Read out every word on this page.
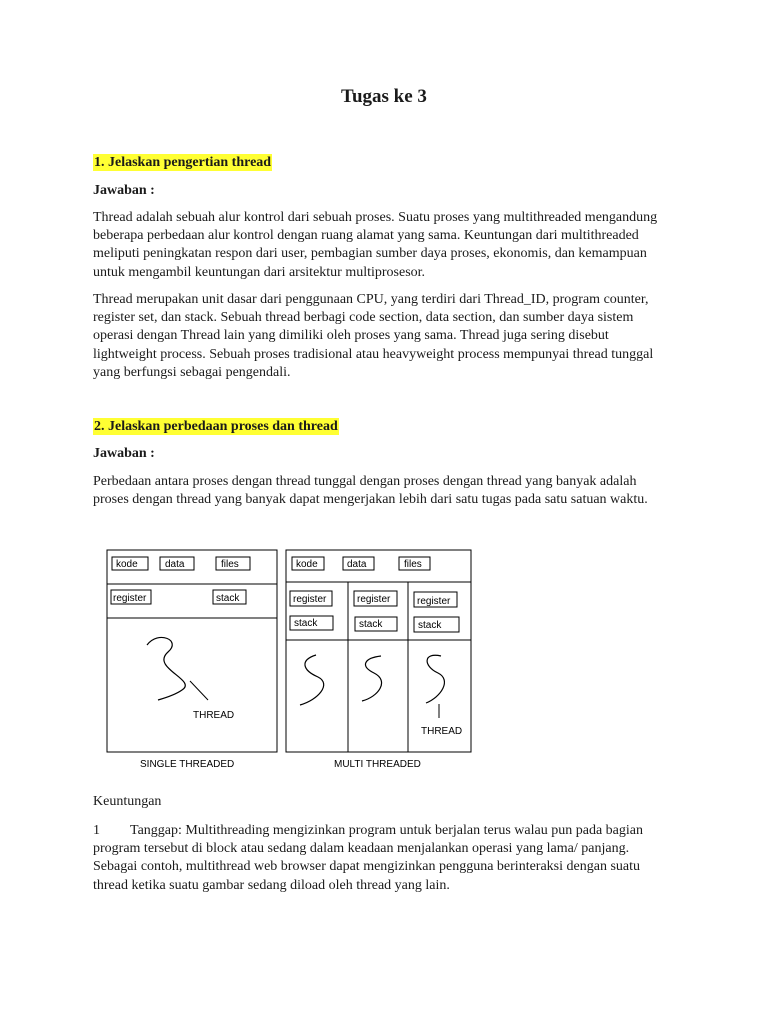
Tugas ke 3
1. Jelaskan pengertian thread
Jawaban :
Thread adalah sebuah alur kontrol dari sebuah proses. Suatu proses yang multithreaded mengandung beberapa perbedaan alur kontrol dengan ruang alamat yang sama. Keuntungan dari multithreaded meliputi peningkatan respon dari user, pembagian sumber daya proses, ekonomis, dan kemampuan untuk mengambil keuntungan dari arsitektur multiprosesor.
Thread merupakan unit dasar dari penggunaan CPU, yang terdiri dari Thread_ID, program counter, register set, dan stack. Sebuah thread berbagi code section, data section, dan sumber daya sistem operasi dengan Thread lain yang dimiliki oleh proses yang sama. Thread juga sering disebut lightweight process. Sebuah proses tradisional atau heavyweight process mempunyai thread tunggal yang berfungsi sebagai pengendali.
2. Jelaskan perbedaan proses dan thread
Jawaban :
Perbedaan antara proses dengan thread tunggal dengan proses dengan thread yang banyak adalah proses dengan thread yang banyak dapat mengerjakan lebih dari satu tugas pada satu satuan waktu.
kode	data	files
register	stack
THREAD
SINGLE THREADED
kode	data	files
register
stack
register
stack
register
stack
THREAD
MULTI THREADED
Keuntungan
1 Tanggap: Multithreading mengizinkan program untuk berjalan terus walau pun pada bagian program tersebut di block atau sedang dalam keadaan menjalankan operasi yang lama/ panjang. Sebagai contoh, multithread web browser dapat mengizinkan pengguna berinteraksi dengan suatu thread ketika suatu gambar sedang diload oleh thread yang lain.
